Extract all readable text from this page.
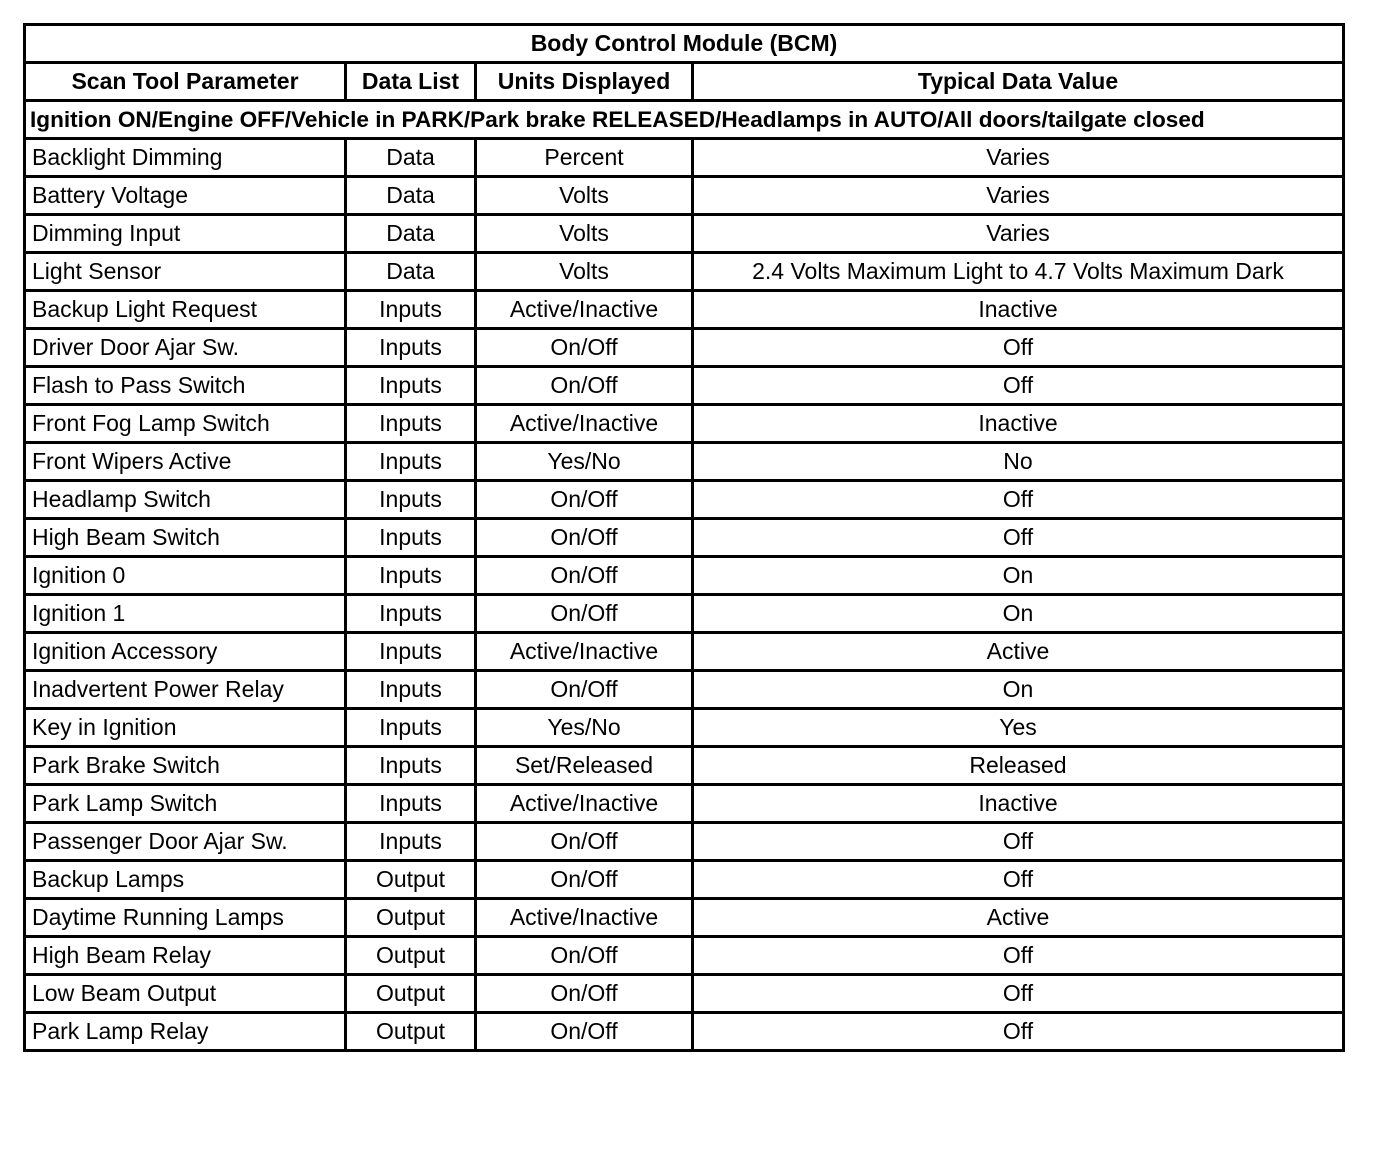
Body Control Module (BCM)			
Scan Tool Parameter	Data List	Units Displayed	Typical Data Value
Ignition ON/Engine OFF/Vehicle in PARK/Park brake RELEASED/Headlamps in AUTO/All doors/tailgate closed			
Backlight Dimming	Data	Percent	Varies
Battery Voltage	Data	Volts	Varies
Dimming Input	Data	Volts	Varies
Light Sensor	Data	Volts	2.4 Volts Maximum Light to 4.7 Volts Maximum Dark
Backup Light Request	Inputs	Active/Inactive	Inactive
Driver Door Ajar Sw.	Inputs	On/Off	Off
Flash to Pass Switch	Inputs	On/Off	Off
Front Fog Lamp Switch	Inputs	Active/Inactive	Inactive
Front Wipers Active	Inputs	Yes/No	No
Headlamp Switch	Inputs	On/Off	Off
High Beam Switch	Inputs	On/Off	Off
Ignition 0	Inputs	On/Off	On
Ignition 1	Inputs	On/Off	On
Ignition Accessory	Inputs	Active/Inactive	Active
Inadvertent Power Relay	Inputs	On/Off	On
Key in Ignition	Inputs	Yes/No	Yes
Park Brake Switch	Inputs	Set/Released	Released
Park Lamp Switch	Inputs	Active/Inactive	Inactive
Passenger Door Ajar Sw.	Inputs	On/Off	Off
Backup Lamps	Output	On/Off	Off
Daytime Running Lamps	Output	Active/Inactive	Active
High Beam Relay	Output	On/Off	Off
Low Beam Output	Output	On/Off	Off
Park Lamp Relay	Output	On/Off	Off
